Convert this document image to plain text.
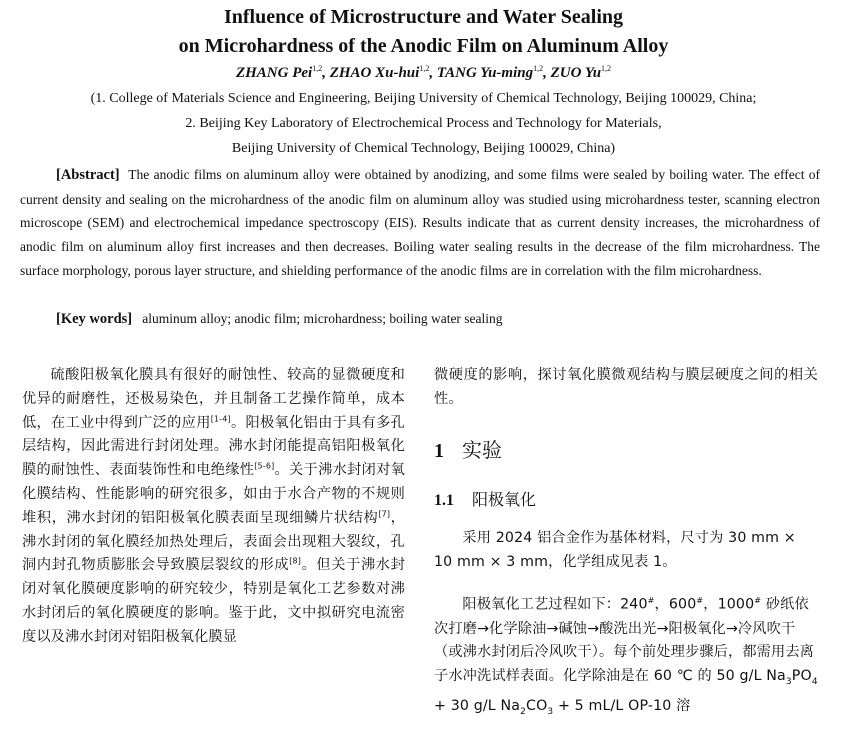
Influence of Microstructure and Water Sealing
on Microhardness of the Anodic Film on Aluminum Alloy
ZHANG Pei$^{1,2}$, ZHAO Xu-hui$^{1,2}$, TANG Yu-ming$^{1,2}$, ZUO Yu$^{1,2}$
(1. College of Materials Science and Engineering, Beijing University of Chemical Technology, Beijing 100029, China;
2. Beijing Key Laboratory of Electrochemical Process and Technology for Materials,
Beijing University of Chemical Technology, Beijing 100029, China)
[Abstract] The anodic films on aluminum alloy were obtained by anodizing, and some films were sealed by boiling water. The effect of current density and sealing on the microhardness of the anodic film on aluminum alloy was studied using microhardness tester, scanning electron microscope (SEM) and electrochemical impedance spectroscopy (EIS). Results indicate that as current density increases, the microhardness of anodic film on aluminum alloy first increases and then decreases. Boiling water sealing results in the decrease of the film microhardness. The surface morphology, porous layer structure, and shielding performance of the anodic films are in correlation with the film microhardness.
[Key words] aluminum alloy; anodic film; microhardness; boiling water sealing

硫酸阳极氧化膜具有很好的耐蚀性、较高的显微硬度和优异的耐磨性，还极易染色，并且制备工艺操作简单，成本低，在工业中得到广泛的应用[1-4]。阳极氧化铝由于具有多孔层结构，因此需进行封闭处理。沸水封闭能提高铝阳极氧化膜的耐蚀性、表面装饰性和电绝缘性[5-6]。关于沸水封闭对氧化膜结构、性能影响的研究很多，如由于水合产物的不规则堆积，沸水封闭的铝阳极氧化膜表面呈现细鳞片状结构[7]，沸水封闭的氧化膜经加热处理后，表面会出现粗大裂纹，孔洞内封孔物质膨胀会导致膜层裂纹的形成[8]。但关于沸水封闭对氧化膜硬度影响的研究较少，特别是氧化工艺参数对沸水封闭后的氧化膜硬度的影响。鉴于此，文中拟研究电流密度以及沸水封闭对铝阳极氧化膜显

微硬度的影响，探讨氧化膜微观结构与膜层硬度之间的相关性。

1 实验
1.1 阳极氧化

采用 2024 铝合金作为基体材料，尺寸为 30 mm × 10 mm × 3 mm，化学组成见表 1。

阳极氧化工艺过程如下：240#，600#，1000# 砂纸依次打磨→化学除油→碱蚀→酸洗出光→阳极氧化→冷风吹干（或沸水封闭后冷风吹干）。每个前处理步骤后，都需用去离子水冲洗试样表面。化学除油是在 60 ℃ 的 50 g/L $Na_3PO_4 + 30$ g/L $Na_2CO_3 + 5$ mL/L OP-10 溶
